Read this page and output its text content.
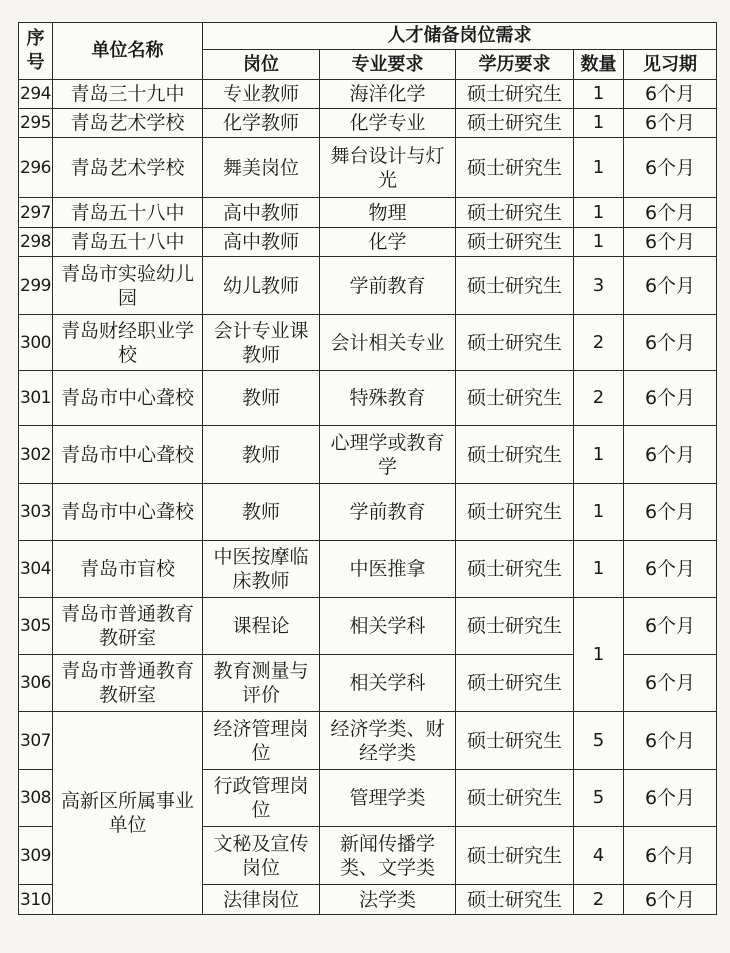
序号	单位名称	人才储备岗位需求				
		岗位	专业要求	学历要求	数量	见习期
294	青岛三十九中	专业教师	海洋化学	硕士研究生	1	6个月
295	青岛艺术学校	化学教师	化学专业	硕士研究生	1	6个月
296	青岛艺术学校	舞美岗位	舞台设计与灯光	硕士研究生	1	6个月
297	青岛五十八中	高中教师	物理	硕士研究生	1	6个月
298	青岛五十八中	高中教师	化学	硕士研究生	1	6个月
299	青岛市实验幼儿园	幼儿教师	学前教育	硕士研究生	3	6个月
300	青岛财经职业学校	会计专业课教师	会计相关专业	硕士研究生	2	6个月
301	青岛市中心聋校	教师	特殊教育	硕士研究生	2	6个月
302	青岛市中心聋校	教师	心理学或教育学	硕士研究生	1	6个月
303	青岛市中心聋校	教师	学前教育	硕士研究生	1	6个月
304	青岛市盲校	中医按摩临床教师	中医推拿	硕士研究生	1	6个月
305	青岛市普通教育教研室	课程论	相关学科	硕士研究生	1	6个月
306	青岛市普通教育教研室	教育测量与评价	相关学科	硕士研究生		6个月
307	高新区所属事业单位	经济管理岗位	经济学类、财经学类	硕士研究生	5	6个月
308		行政管理岗位	管理学类	硕士研究生	5	6个月
309		文秘及宣传岗位	新闻传播学类、文学类	硕士研究生	4	6个月
310		法律岗位	法学类	硕士研究生	2	6个月
